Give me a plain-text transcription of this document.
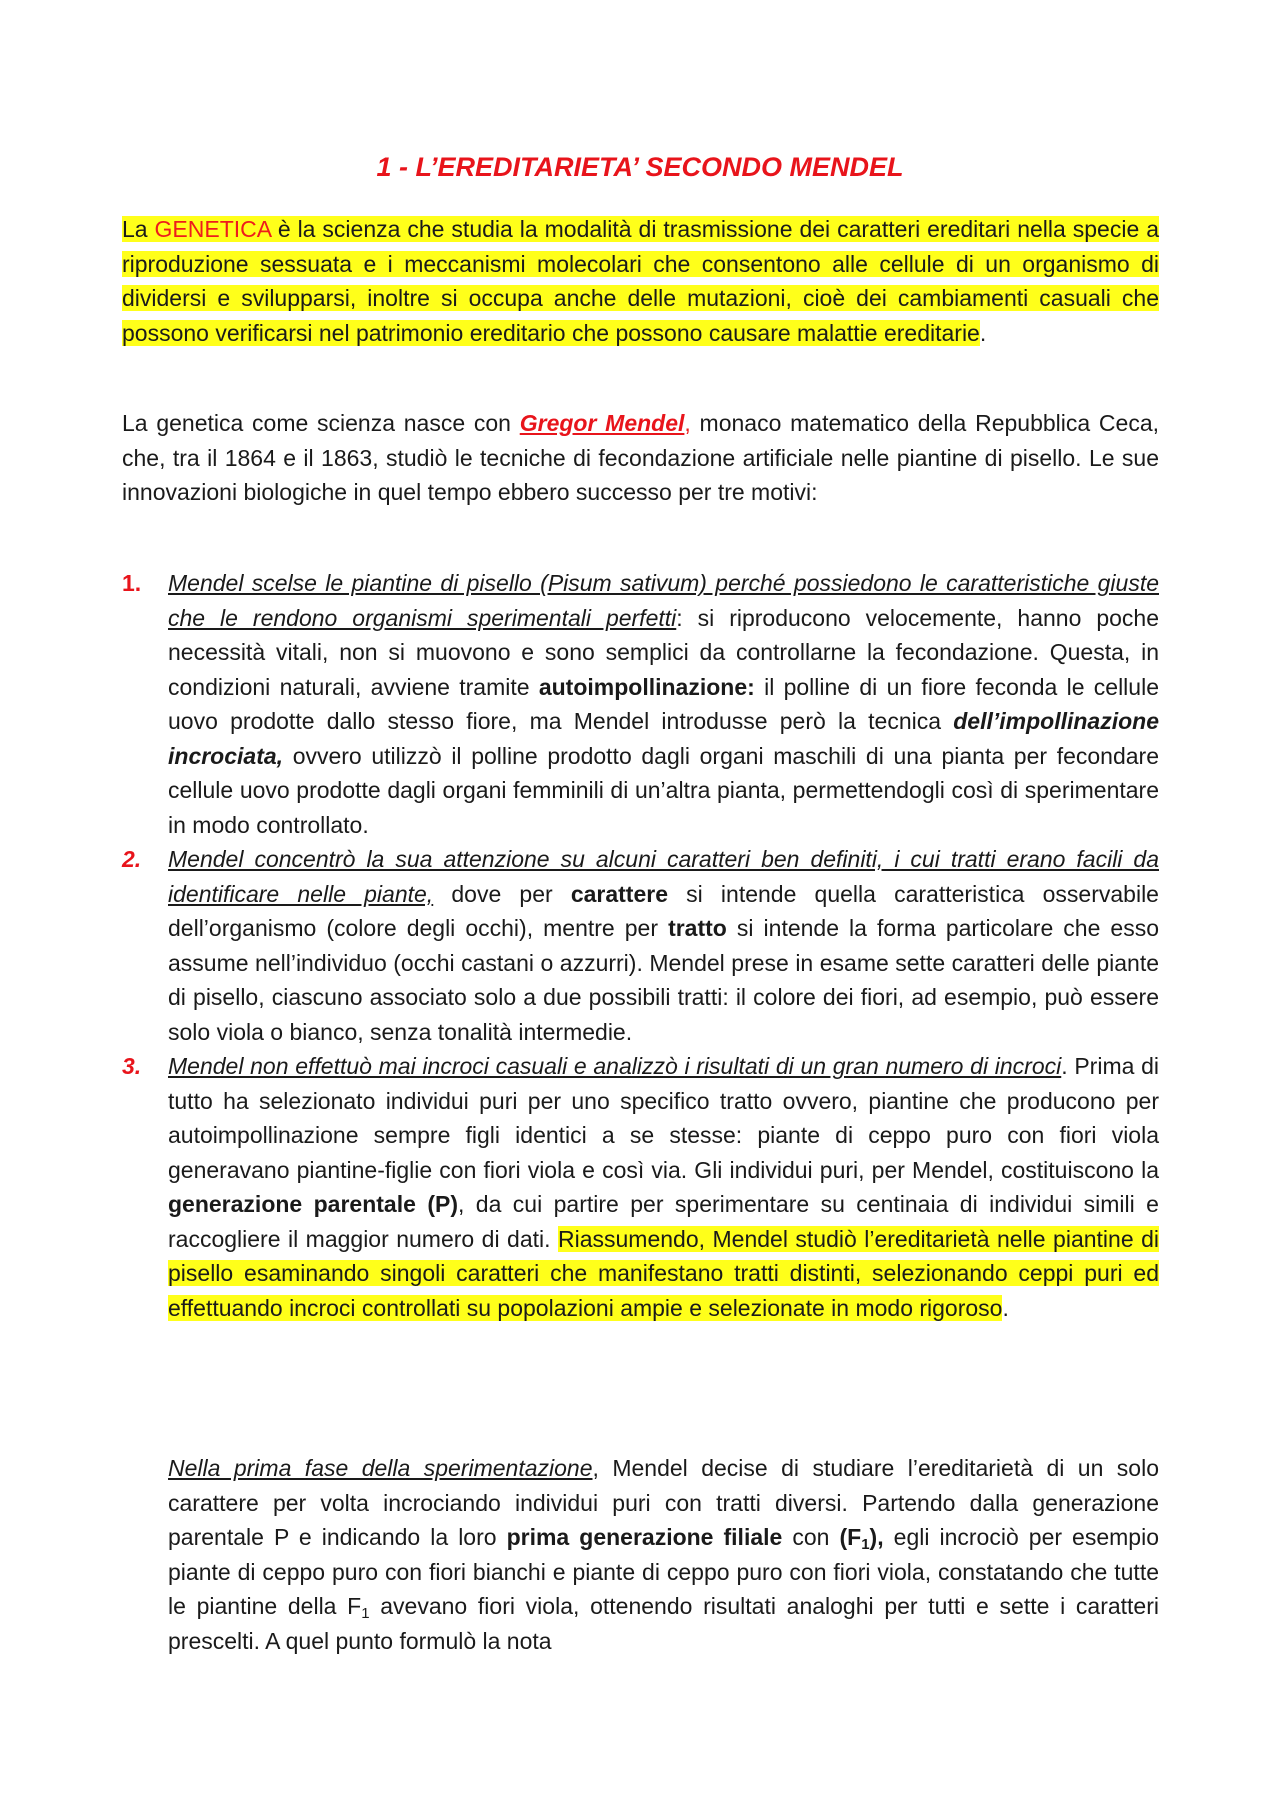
1 - L’EREDITARIETA’ SECONDO MENDEL

La GENETICA è la scienza che studia la modalità di trasmissione dei caratteri ereditari nella specie a riproduzione sessuata e i meccanismi molecolari che consentono alle cellule di un organismo di dividersi e svilupparsi, inoltre si occupa anche delle mutazioni, cioè dei cambiamenti casuali che possono verificarsi nel patrimonio ereditario che possono causare malattie ereditarie.

La genetica come scienza nasce con Gregor Mendel, monaco matematico della Repubblica Ceca, che, tra il 1864 e il 1863, studiò le tecniche di fecondazione artificiale nelle piantine di pisello. Le sue innovazioni biologiche in quel tempo ebbero successo per tre motivi:

1. Mendel scelse le piantine di pisello (Pisum sativum) perché possiedono le caratteristiche giuste che le rendono organismi sperimentali perfetti: si riproducono velocemente, hanno poche necessità vitali, non si muovono e sono semplici da controllarne la fecondazione. Questa, in condizioni naturali, avviene tramite autoimpollinazione: il polline di un fiore feconda le cellule uovo prodotte dallo stesso fiore, ma Mendel introdusse però la tecnica dell’impollinazione incrociata, ovvero utilizzò il polline prodotto dagli organi maschili di una pianta per fecondare cellule uovo prodotte dagli organi femminili di un’altra pianta, permettendogli così di sperimentare in modo controllato.
2. Mendel concentrò la sua attenzione su alcuni caratteri ben definiti, i cui tratti erano facili da identificare nelle piante, dove per carattere si intende quella caratteristica osservabile dell’organismo (colore degli occhi), mentre per tratto si intende la forma particolare che esso assume nell’individuo (occhi castani o azzurri). Mendel prese in esame sette caratteri delle piante di pisello, ciascuno associato solo a due possibili tratti: il colore dei fiori, ad esempio, può essere solo viola o bianco, senza tonalità intermedie.
3. Mendel non effettuò mai incroci casuali e analizzò i risultati di un gran numero di incroci. Prima di tutto ha selezionato individui puri per uno specifico tratto ovvero, piantine che producono per autoimpollinazione sempre figli identici a se stesse: piante di ceppo puro con fiori viola generavano piantine-figlie con fiori viola e così via. Gli individui puri, per Mendel, costituiscono la generazione parentale (P), da cui partire per sperimentare su centinaia di individui simili e raccogliere il maggior numero di dati. Riassumendo, Mendel studiò l’ereditarietà nelle piantine di pisello esaminando singoli caratteri che manifestano tratti distinti, selezionando ceppi puri ed effettuando incroci controllati su popolazioni ampie e selezionate in modo rigoroso.

Nella prima fase della sperimentazione, Mendel decise di studiare l’ereditarietà di un solo carattere per volta incrociando individui puri con tratti diversi. Partendo dalla generazione parentale P e indicando la loro prima generazione filiale con $(F_1)$, egli incrociò per esempio piante di ceppo puro con fiori bianchi e piante di ceppo puro con fiori viola, constatando che tutte le piantine della $F_1$ avevano fiori viola, ottenendo risultati analoghi per tutti e sette i caratteri prescelti. A quel punto formulò la nota
